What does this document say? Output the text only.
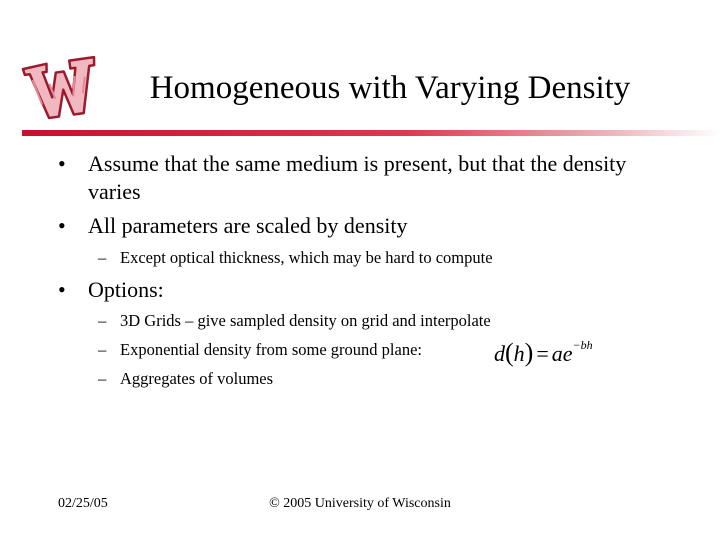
Homogeneous with Varying Density
•	Assume that the same medium is present, but that the density varies
•	All parameters are scaled by density
– Except optical thickness, which may be hard to compute
•	Options:
– 3D Grids – give sampled density on grid and interpolate
– Exponential density from some ground plane:	$d(h) = ae^{-bh}$
– Aggregates of volumes
02/25/05	© 2005 University of Wisconsin
